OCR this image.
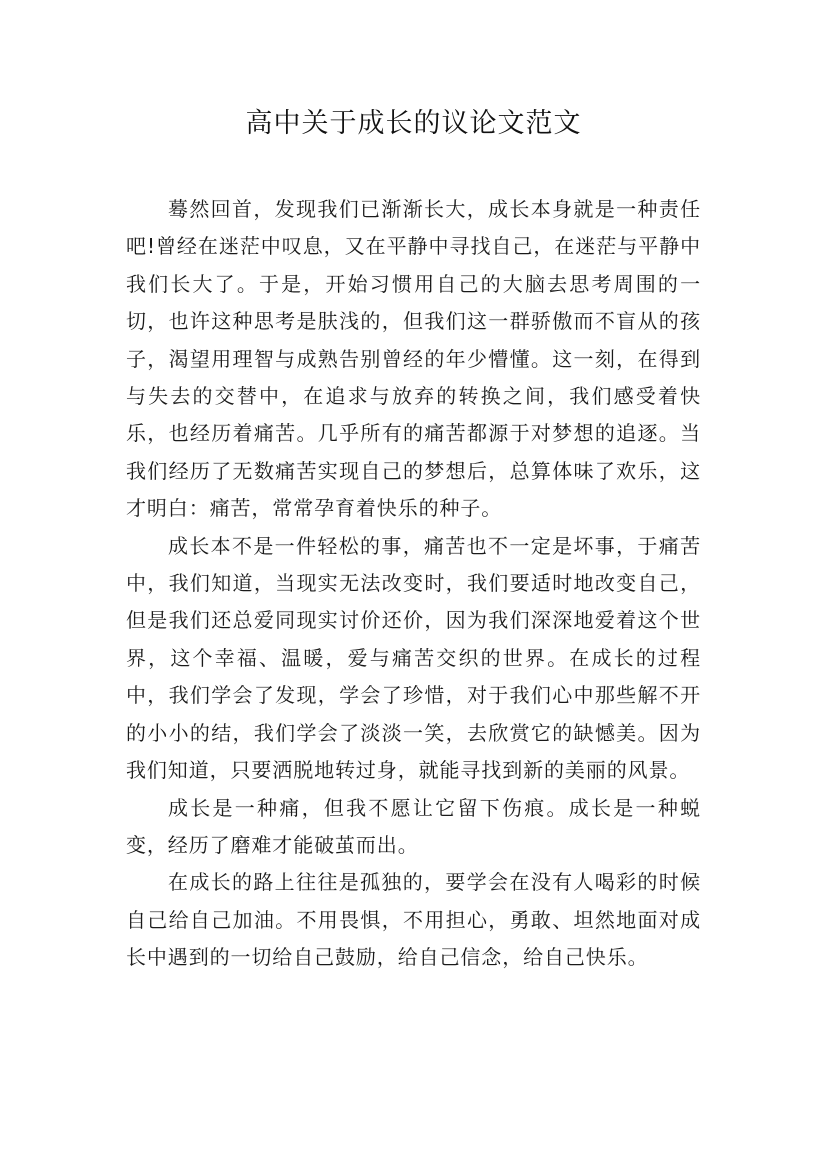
高中关于成长的议论文范文

蓦然回首，发现我们已渐渐长大，成长本身就是一种责任吧!曾经在迷茫中叹息，又在平静中寻找自己，在迷茫与平静中我们长大了。于是，开始习惯用自己的大脑去思考周围的一切，也许这种思考是肤浅的，但我们这一群骄傲而不盲从的孩子，渴望用理智与成熟告别曾经的年少懵懂。这一刻，在得到与失去的交替中，在追求与放弃的转换之间，我们感受着快乐，也经历着痛苦。几乎所有的痛苦都源于对梦想的追逐。当我们经历了无数痛苦实现自己的梦想后，总算体味了欢乐，这才明白：痛苦，常常孕育着快乐的种子。

成长本不是一件轻松的事，痛苦也不一定是坏事，于痛苦中，我们知道，当现实无法改变时，我们要适时地改变自己，但是我们还总爱同现实讨价还价，因为我们深深地爱着这个世界，这个幸福、温暖，爱与痛苦交织的世界。在成长的过程中，我们学会了发现，学会了珍惜，对于我们心中那些解不开的小小的结，我们学会了淡淡一笑，去欣赏它的缺憾美。因为我们知道，只要洒脱地转过身，就能寻找到新的美丽的风景。

成长是一种痛，但我不愿让它留下伤痕。成长是一种蜕变，经历了磨难才能破茧而出。

在成长的路上往往是孤独的，要学会在没有人喝彩的时候自己给自己加油。不用畏惧，不用担心，勇敢、坦然地面对成长中遇到的一切给自己鼓励，给自己信念，给自己快乐。
